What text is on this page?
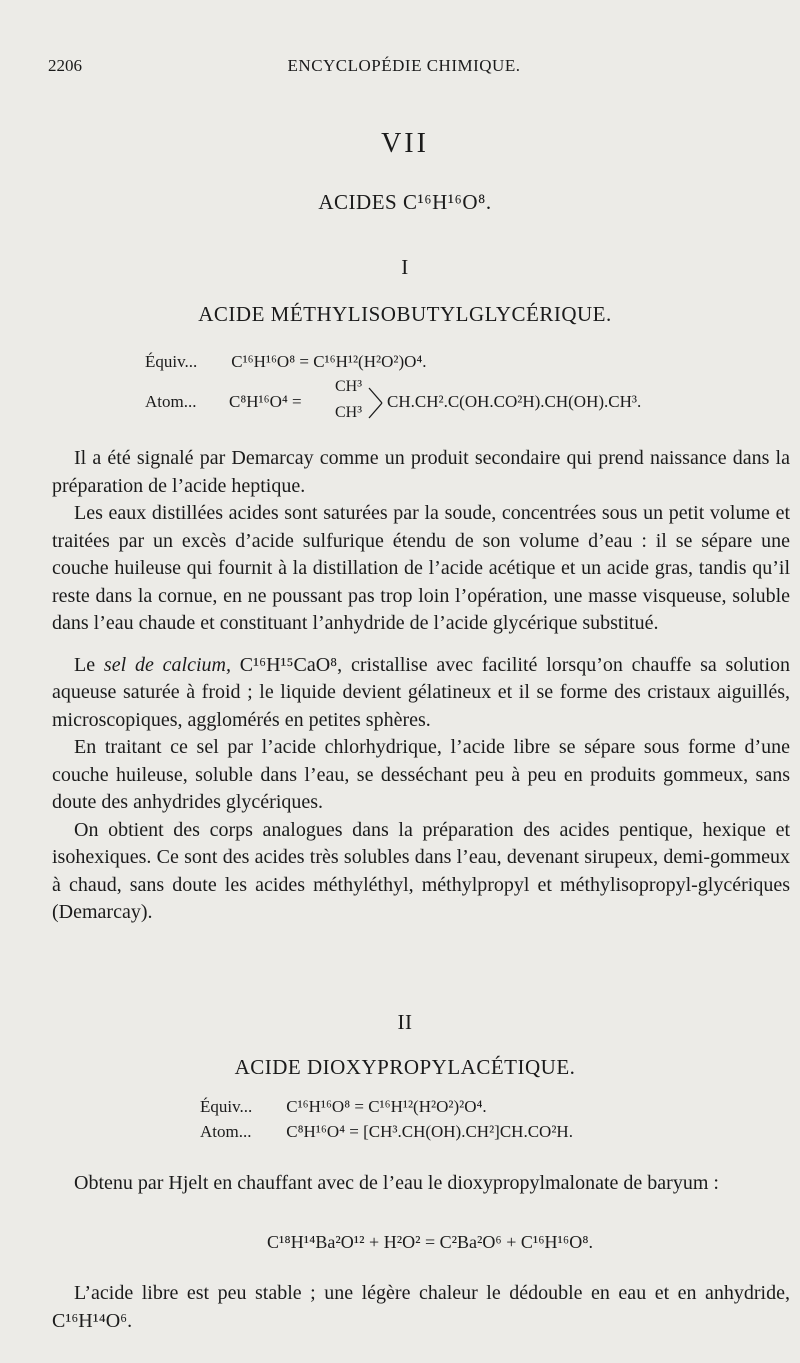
2206	ENCYCLOPÉDIE CHIMIQUE.
VII
ACIDES C¹⁶H¹⁶O⁸.
I
ACIDE MÉTHYLISOBUTYLGLYCÉRIQUE.
Équiv... C¹⁶H¹⁶O⁸ = C¹⁶H¹²(H²O²)O⁴.
Atom...	C⁸H¹⁶O⁴ =
CH³
CH³
CH.CH².C(OH.CO²H).CH(OH).CH³.

Il a été signalé par Demarcay comme un produit secondaire qui prend naissance dans la préparation de l’acide heptique.

Les eaux distillées acides sont saturées par la soude, concentrées sous un petit volume et traitées par un excès d’acide sulfurique étendu de son volume d’eau : il se sépare une couche huileuse qui fournit à la distillation de l’acide acétique et un acide gras, tandis qu’il reste dans la cornue, en ne poussant pas trop loin l’opération, une masse visqueuse, soluble dans l’eau chaude et constituant l’anhydride de l’acide glycérique substitué.

Le sel de calcium, C¹⁶H¹⁵CaO⁸, cristallise avec facilité lorsqu’on chauffe sa solution aqueuse saturée à froid ; le liquide devient gélatineux et il se forme des cristaux aiguillés, microscopiques, agglomérés en petites sphères.

En traitant ce sel par l’acide chlorhydrique, l’acide libre se sépare sous forme d’une couche huileuse, soluble dans l’eau, se desséchant peu à peu en produits gommeux, sans doute des anhydrides glycériques.

On obtient des corps analogues dans la préparation des acides pentique, hexique et isohexiques. Ce sont des acides très solubles dans l’eau, devenant sirupeux, demi-gommeux à chaud, sans doute les acides méthyléthyl, méthylpropyl et méthylisopropyl-glycériques (Demarcay).

II
ACIDE DIOXYPROPYLACÉTIQUE.
Équiv... C¹⁶H¹⁶O⁸ = C¹⁶H¹²(H²O²)²O⁴.
Atom... C⁸H¹⁶O⁴ = [CH³.CH(OH).CH²]CH.CO²H.

Obtenu par Hjelt en chauffant avec de l’eau le dioxypropylmalonate de baryum :

C¹⁸H¹⁴Ba²O¹² + H²O² = C²Ba²O⁶ + C¹⁶H¹⁶O⁸.

L’acide libre est peu stable ; une légère chaleur le dédouble en eau et en anhydride, C¹⁶H¹⁴O⁶.
